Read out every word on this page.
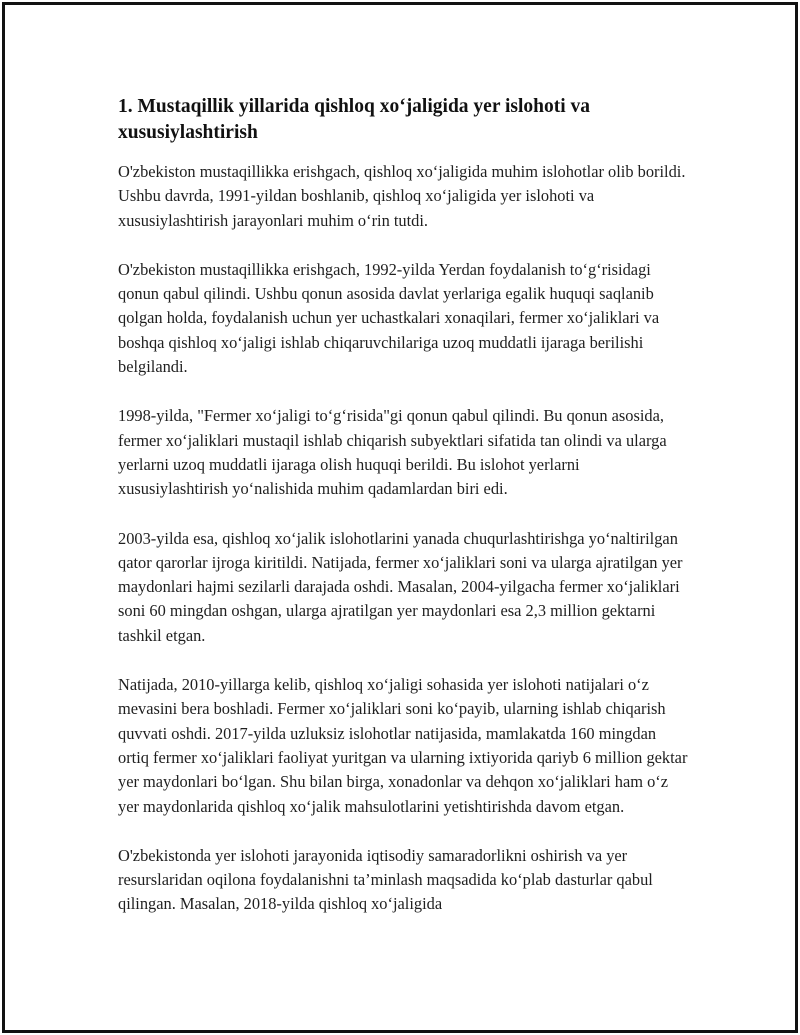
1. Mustaqillik yillarida qishloq xo‘jaligida yer islohoti va xususiylashtirish

O'zbekiston mustaqillikka erishgach, qishloq xo‘jaligida muhim islohotlar olib borildi. Ushbu davrda, 1991-yildan boshlanib, qishloq xo‘jaligida yer islohoti va xususiylashtirish jarayonlari muhim o‘rin tutdi.

O'zbekiston mustaqillikka erishgach, 1992-yilda Yerdan foydalanish to‘g‘risidagi qonun qabul qilindi. Ushbu qonun asosida davlat yerlariga egalik huquqi saqlanib qolgan holda, foydalanish uchun yer uchastkalari xonaqilari, fermer xo‘jaliklari va boshqa qishloq xo‘jaligi ishlab chiqaruvchilariga uzoq muddatli ijaraga berilishi belgilandi.

1998-yilda, "Fermer xo‘jaligi to‘g‘risida"gi qonun qabul qilindi. Bu qonun asosida, fermer xo‘jaliklari mustaqil ishlab chiqarish subyektlari sifatida tan olindi va ularga yerlarni uzoq muddatli ijaraga olish huquqi berildi. Bu islohot yerlarni xususiylashtirish yo‘nalishida muhim qadamlardan biri edi.

2003-yilda esa, qishloq xo‘jalik islohotlarini yanada chuqurlashtirishga yo‘naltirilgan qator qarorlar ijroga kiritildi. Natijada, fermer xo‘jaliklari soni va ularga ajratilgan yer maydonlari hajmi sezilarli darajada oshdi. Masalan, 2004-yilgacha fermer xo‘jaliklari soni 60 mingdan oshgan, ularga ajratilgan yer maydonlari esa 2,3 million gektarni tashkil etgan.

Natijada, 2010-yillarga kelib, qishloq xo‘jaligi sohasida yer islohoti natijalari o‘z mevasini bera boshladi. Fermer xo‘jaliklari soni ko‘payib, ularning ishlab chiqarish quvvati oshdi. 2017-yilda uzluksiz islohotlar natijasida, mamlakatda 160 mingdan ortiq fermer xo‘jaliklari faoliyat yuritgan va ularning ixtiyorida qariyb 6 million gektar yer maydonlari bo‘lgan. Shu bilan birga, xonadonlar va dehqon xo‘jaliklari ham o‘z yer maydonlarida qishloq xo‘jalik mahsulotlarini yetishtirishda davom etgan.

O'zbekistonda yer islohoti jarayonida iqtisodiy samaradorlikni oshirish va yer resurslaridan oqilona foydalanishni ta’minlash maqsadida ko‘plab dasturlar qabul qilingan. Masalan, 2018-yilda qishloq xo‘jaligida
